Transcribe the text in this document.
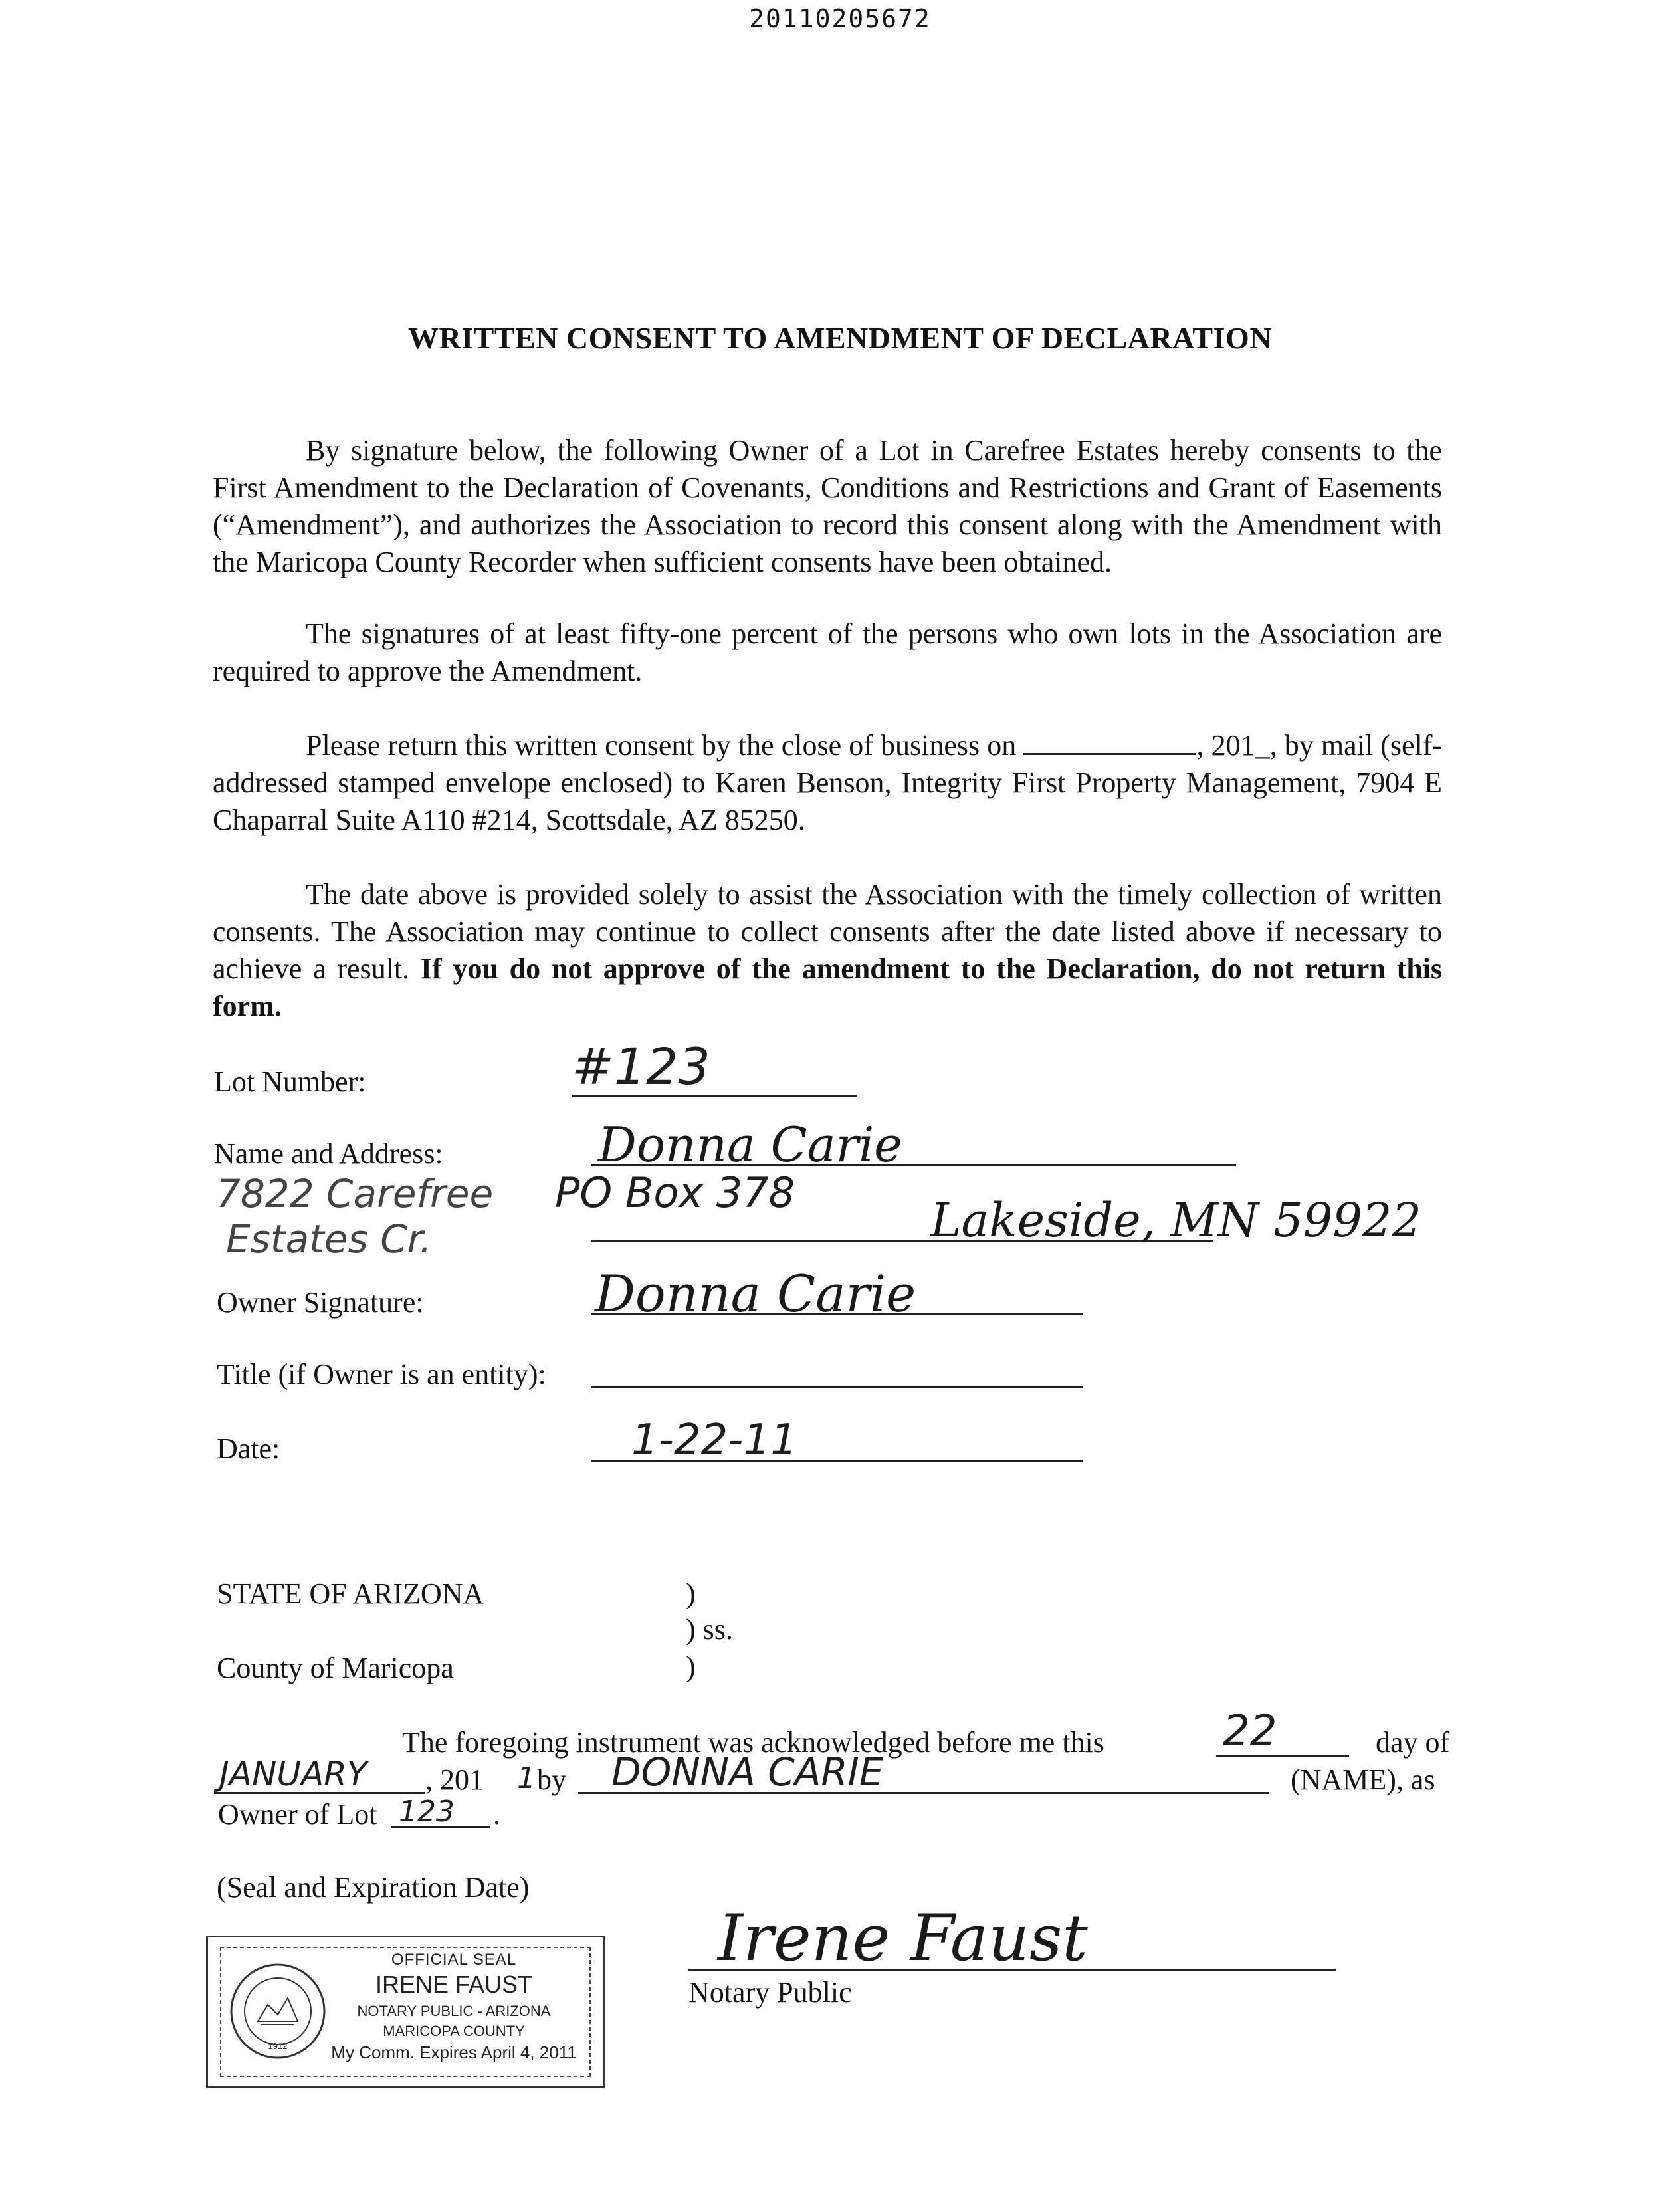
20110205672
WRITTEN CONSENT TO AMENDMENT OF DECLARATION
By signature below, the following Owner of a Lot in Carefree Estates hereby consents to the First Amendment to the Declaration of Covenants, Conditions and Restrictions and Grant of Easements (“Amendment”), and authorizes the Association to record this consent along with the Amendment with the Maricopa County Recorder when sufficient consents have been obtained.
The signatures of at least fifty-one percent of the persons who own lots in the Association are required to approve the Amendment.
Please return this written consent by the close of business on	, 201_, by mail (self-addressed stamped envelope enclosed) to Karen Benson, Integrity First Property Management, 7904 E Chaparral Suite A110 #214, Scottsdale, AZ 85250.
The date above is provided solely to assist the Association with the timely collection of written consents. The Association may continue to collect consents after the date listed above if necessary to achieve a result. If you do not approve of the amendment to the Declaration, do not return this form.
Lot Number:	#123
Name and Address:	Donna Carie
7822 Carefree
Estates Cr.
PO Box 378
Lakeside, MN 59922
Owner Signature:	Donna Carie
Title (if Owner is an entity):
Date:	1-22-11
STATE OF ARIZONA	)
) ss.
)
County of Maricopa
The foregoing instrument was acknowledged before me this	22	day of
JANUARY , 201 1 by DONNA CARIE	(NAME), as
Owner of Lot 123 .
(Seal and Expiration Date)
Irene Faust
Notary Public
1912
OFFICIAL SEAL
IRENE FAUST
NOTARY PUBLIC - ARIZONA
MARICOPA COUNTY
My Comm. Expires April 4, 2011
